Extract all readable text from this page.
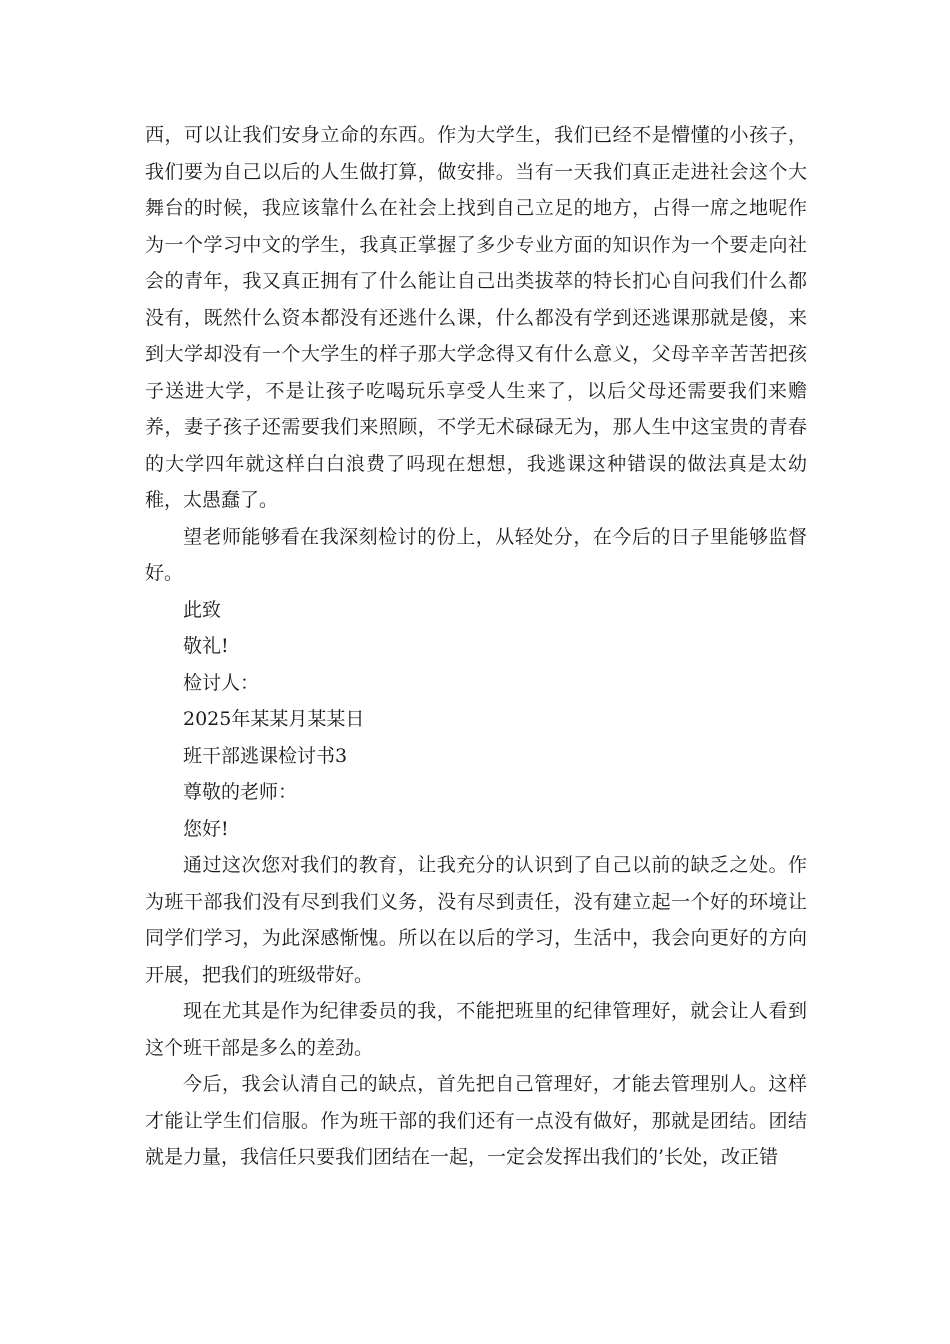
西，可以让我们安身立命的东西。作为大学生，我们已经不是懵懂的小孩子，我们要为自己以后的人生做打算，做安排。当有一天我们真正走进社会这个大舞台的时候，我应该靠什么在社会上找到自己立足的地方，占得一席之地呢作为一个学习中文的学生，我真正掌握了多少专业方面的知识作为一个要走向社会的青年，我又真正拥有了什么能让自己出类拔萃的特长扪心自问我们什么都没有，既然什么资本都没有还逃什么课，什么都没有学到还逃课那就是傻，来到大学却没有一个大学生的样子那大学念得又有什么意义，父母辛辛苦苦把孩子送进大学，不是让孩子吃喝玩乐享受人生来了，以后父母还需要我们来赡养，妻子孩子还需要我们来照顾，不学无术碌碌无为，那人生中这宝贵的青春的大学四年就这样白白浪费了吗现在想想，我逃课这种错误的做法真是太幼稚，太愚蠢了。

望老师能够看在我深刻检讨的份上，从轻处分，在今后的日子里能够监督好。

此致

敬礼!

检讨人：

2025年某某月某某日

班干部逃课检讨书3

尊敬的老师：

您好!

通过这次您对我们的教育，让我充分的认识到了自己以前的缺乏之处。作为班干部我们没有尽到我们义务，没有尽到责任，没有建立起一个好的环境让同学们学习，为此深感惭愧。所以在以后的学习，生活中，我会向更好的方向开展，把我们的班级带好。

现在尤其是作为纪律委员的我，不能把班里的纪律管理好，就会让人看到这个班干部是多么的差劲。

今后，我会认清自己的缺点，首先把自己管理好，才能去管理别人。这样才能让学生们信服。作为班干部的我们还有一点没有做好，那就是团结。团结就是力量，我信任只要我们团结在一起，一定会发挥出我们的’长处，改正错
